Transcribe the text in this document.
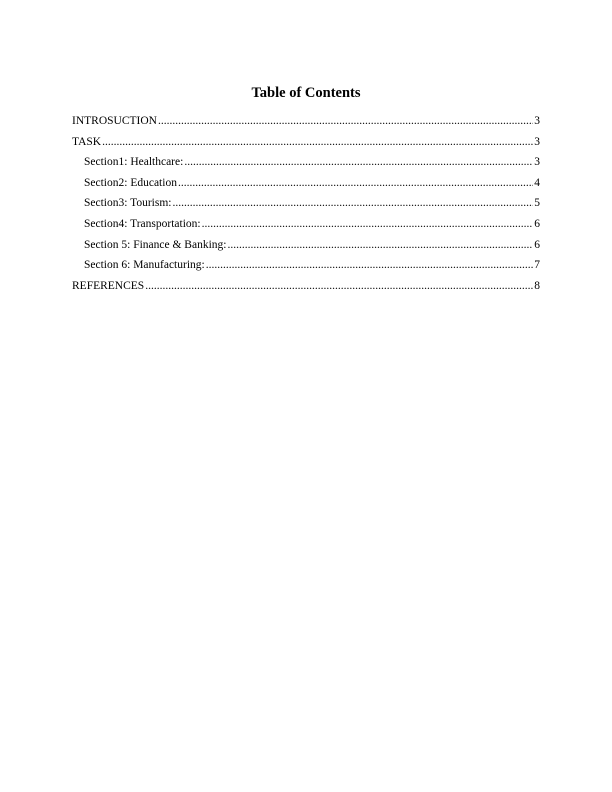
Table of Contents
INTROSUCTION .....	3
TASK .....	3
Section1: Healthcare: .....	3
Section2: Education .....	4
Section3: Tourism: .....	5
Section4: Transportation: .....	6
Section 5: Finance & Banking: .....	6
Section 6: Manufacturing: .....	7
REFERENCES .....	8
